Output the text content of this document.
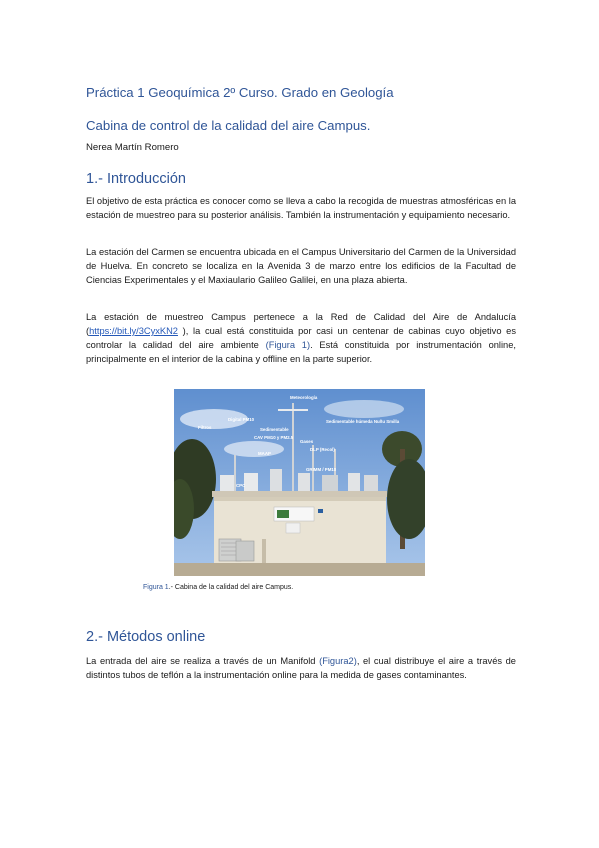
Práctica 1 Geoquímica 2º Curso. Grado en Geología
Cabina de control de la calidad del aire Campus.
Nerea Martín Romero
1.- Introducción

El objetivo de esta práctica es conocer como se lleva a cabo la recogida de muestras atmosféricas en la estación de muestreo para su posterior análisis. También la instrumentación y equipamiento necesario.

La estación del Carmen se encuentra ubicada en el Campus Universitario del Carmen de la Universidad de Huelva. En concreto se localiza en la Avenida 3 de marzo entre los edificios de la Facultad de Ciencias Experimentales y el Maxiaulario Galileo Galilei, en una plaza abierta.

La estación de muestreo Campus pertenece a la Red de Calidad del Aire de Andalucía (https://bit.ly/3CyxKN2 ), la cual está constituida por casi un centenar de cabinas cuyo objetivo es controlar la calidad del aire ambiente (Figura 1). Está constituida por instrumentación online, principalmente en el interior de la cabina y offline en la parte superior.

2.- Métodos online

La entrada del aire se realiza a través de un Manifold (Figura2), el cual distribuye el aire a través de distintos tubos de teflón a la instrumentación online para la medida de gases contaminantes.

Meteorología
Digital PM10
Sedimentable
CAV PM10 y PM2.5
MAAP
Sedimentable húmeda Nuñu Smilla
Filtros
DLP (Recol)
GRIMM / PM10
Gases
CPC
Figura 1.- Cabina de la calidad del aire Campus.
